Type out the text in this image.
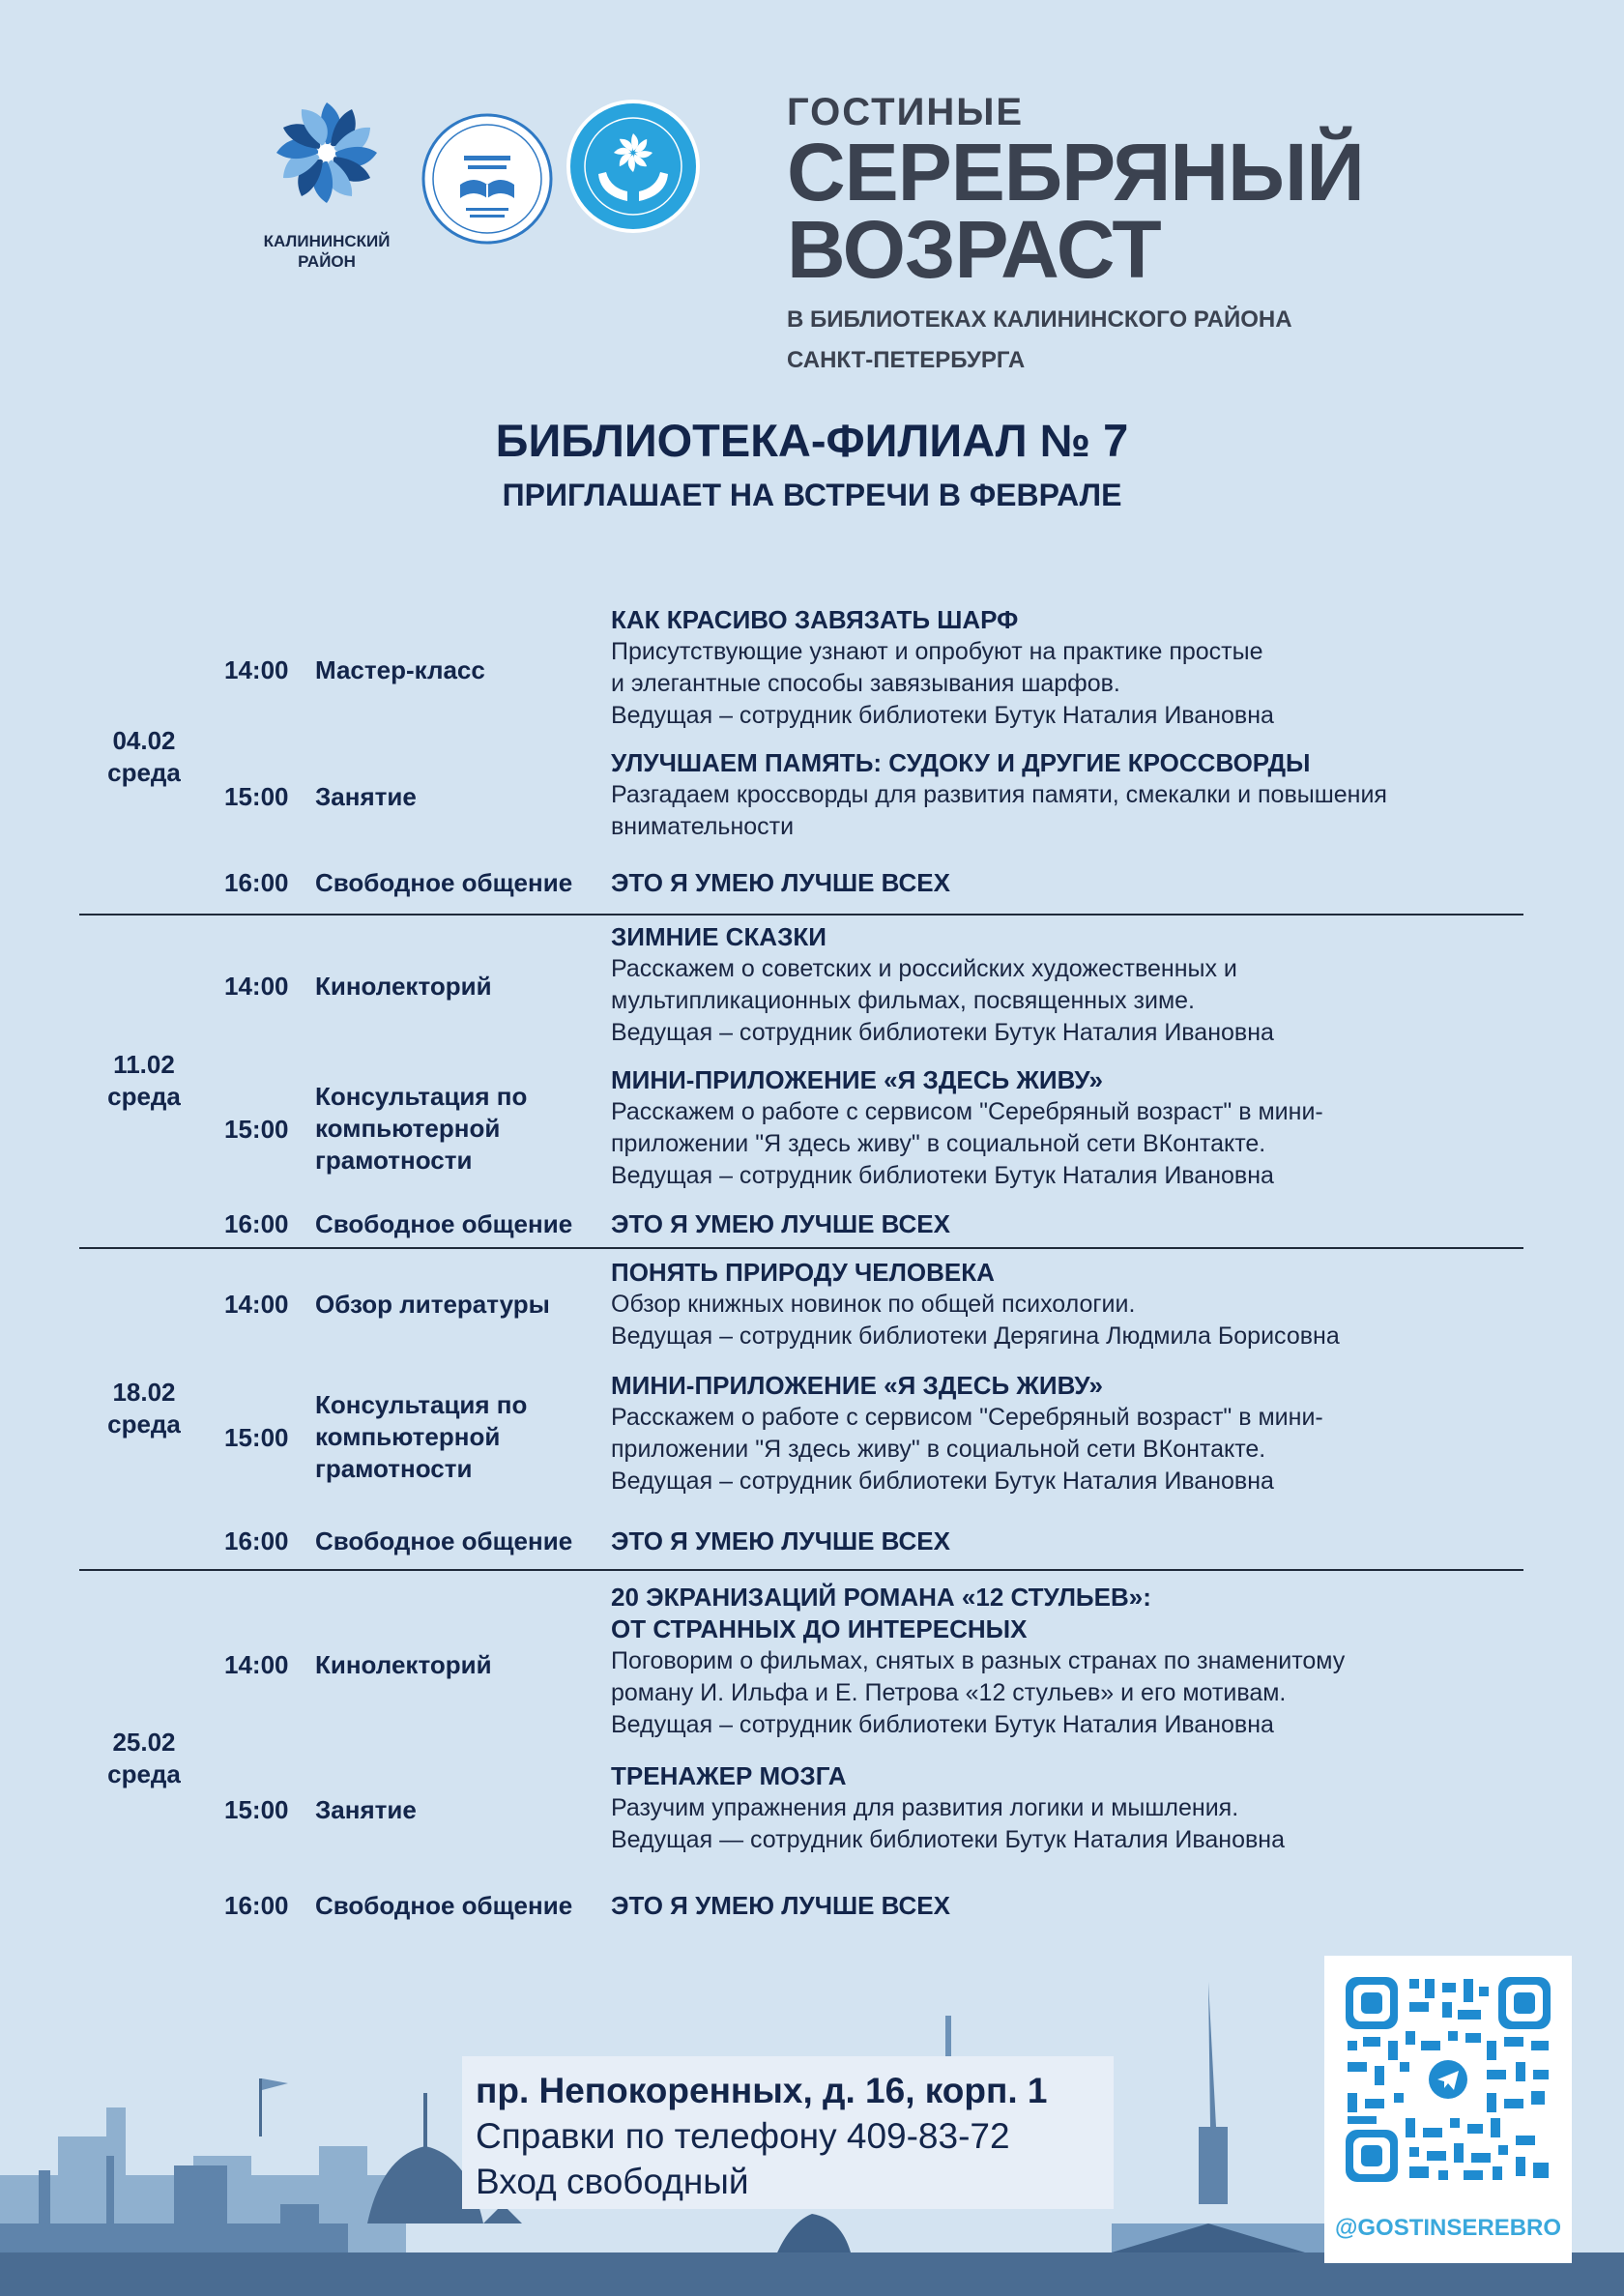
КАЛИНИНСКИЙ
РАЙОН
ГОСТИНЫЕ
СЕРЕБРЯНЫЙ
ВОЗРАСТ
В БИБЛИОТЕКАХ КАЛИНИНСКОГО РАЙОНА
САНКТ-ПЕТЕРБУРГА
БИБЛИОТЕКА-ФИЛИАЛ № 7
ПРИГЛАШАЕТ НА ВСТРЕЧИ В ФЕВРАЛЕ
04.02
среда
14:00 Мастер-класс
КАК КРАСИВО ЗАВЯЗАТЬ ШАРФ
Присутствующие узнают и опробуют на практике простые
и элегантные способы завязывания шарфов.
Ведущая – сотрудник библиотеки Бутук Наталия Ивановна
15:00 Занятие
УЛУЧШАЕМ ПАМЯТЬ: СУДОКУ И ДРУГИЕ КРОССВОРДЫ
Разгадаем кроссворды для развития памяти, смекалки и повышения
внимательности
16:00 Свободное общение	ЭТО Я УМЕЮ ЛУЧШЕ ВСЕХ
11.02
среда
14:00 Кинолекторий
ЗИМНИЕ СКАЗКИ
Расскажем о советских и российских художественных и
мультипликационных фильмах, посвященных зиме.
Ведущая – сотрудник библиотеки Бутук Наталия Ивановна
15:00
Консультация по компьютерной грамотности
МИНИ-ПРИЛОЖЕНИЕ «Я ЗДЕСЬ ЖИВУ»
Расскажем о работе с сервисом "Серебряный возраст" в мини-
приложении "Я здесь живу" в социальной сети ВКонтакте.
Ведущая – сотрудник библиотеки Бутук Наталия Ивановна
16:00 Свободное общение	ЭТО Я УМЕЮ ЛУЧШЕ ВСЕХ
18.02
среда
14:00 Обзор литературы
ПОНЯТЬ ПРИРОДУ ЧЕЛОВЕКА
Обзор книжных новинок по общей психологии.
Ведущая – сотрудник библиотеки Дерягина Людмила Борисовна
15:00
Консультация по компьютерной грамотности
МИНИ-ПРИЛОЖЕНИЕ «Я ЗДЕСЬ ЖИВУ»
Расскажем о работе с сервисом "Серебряный возраст" в мини-
приложении "Я здесь живу" в социальной сети ВКонтакте.
Ведущая – сотрудник библиотеки Бутук Наталия Ивановна
16:00 Свободное общение	ЭТО Я УМЕЮ ЛУЧШЕ ВСЕХ
25.02
среда
14:00 Кинолекторий
20 ЭКРАНИЗАЦИЙ РОМАНА «12 СТУЛЬЕВ»:
ОТ СТРАННЫХ ДО ИНТЕРЕСНЫХ
Поговорим о фильмах, снятых в разных странах по знаменитому
роману И. Ильфа и Е. Петрова «12 стульев» и его мотивам.
Ведущая – сотрудник библиотеки Бутук Наталия Ивановна
15:00 Занятие
ТРЕНАЖЕР МОЗГА
Разучим упражнения для развития логики и мышления.
Ведущая — сотрудник библиотеки Бутук Наталия Ивановна
16:00 Свободное общение	ЭТО Я УМЕЮ ЛУЧШЕ ВСЕХ
пр. Непокоренных, д. 16, корп. 1
Справки по телефону 409-83-72
Вход свободный
@GOSTINSEREBRO
